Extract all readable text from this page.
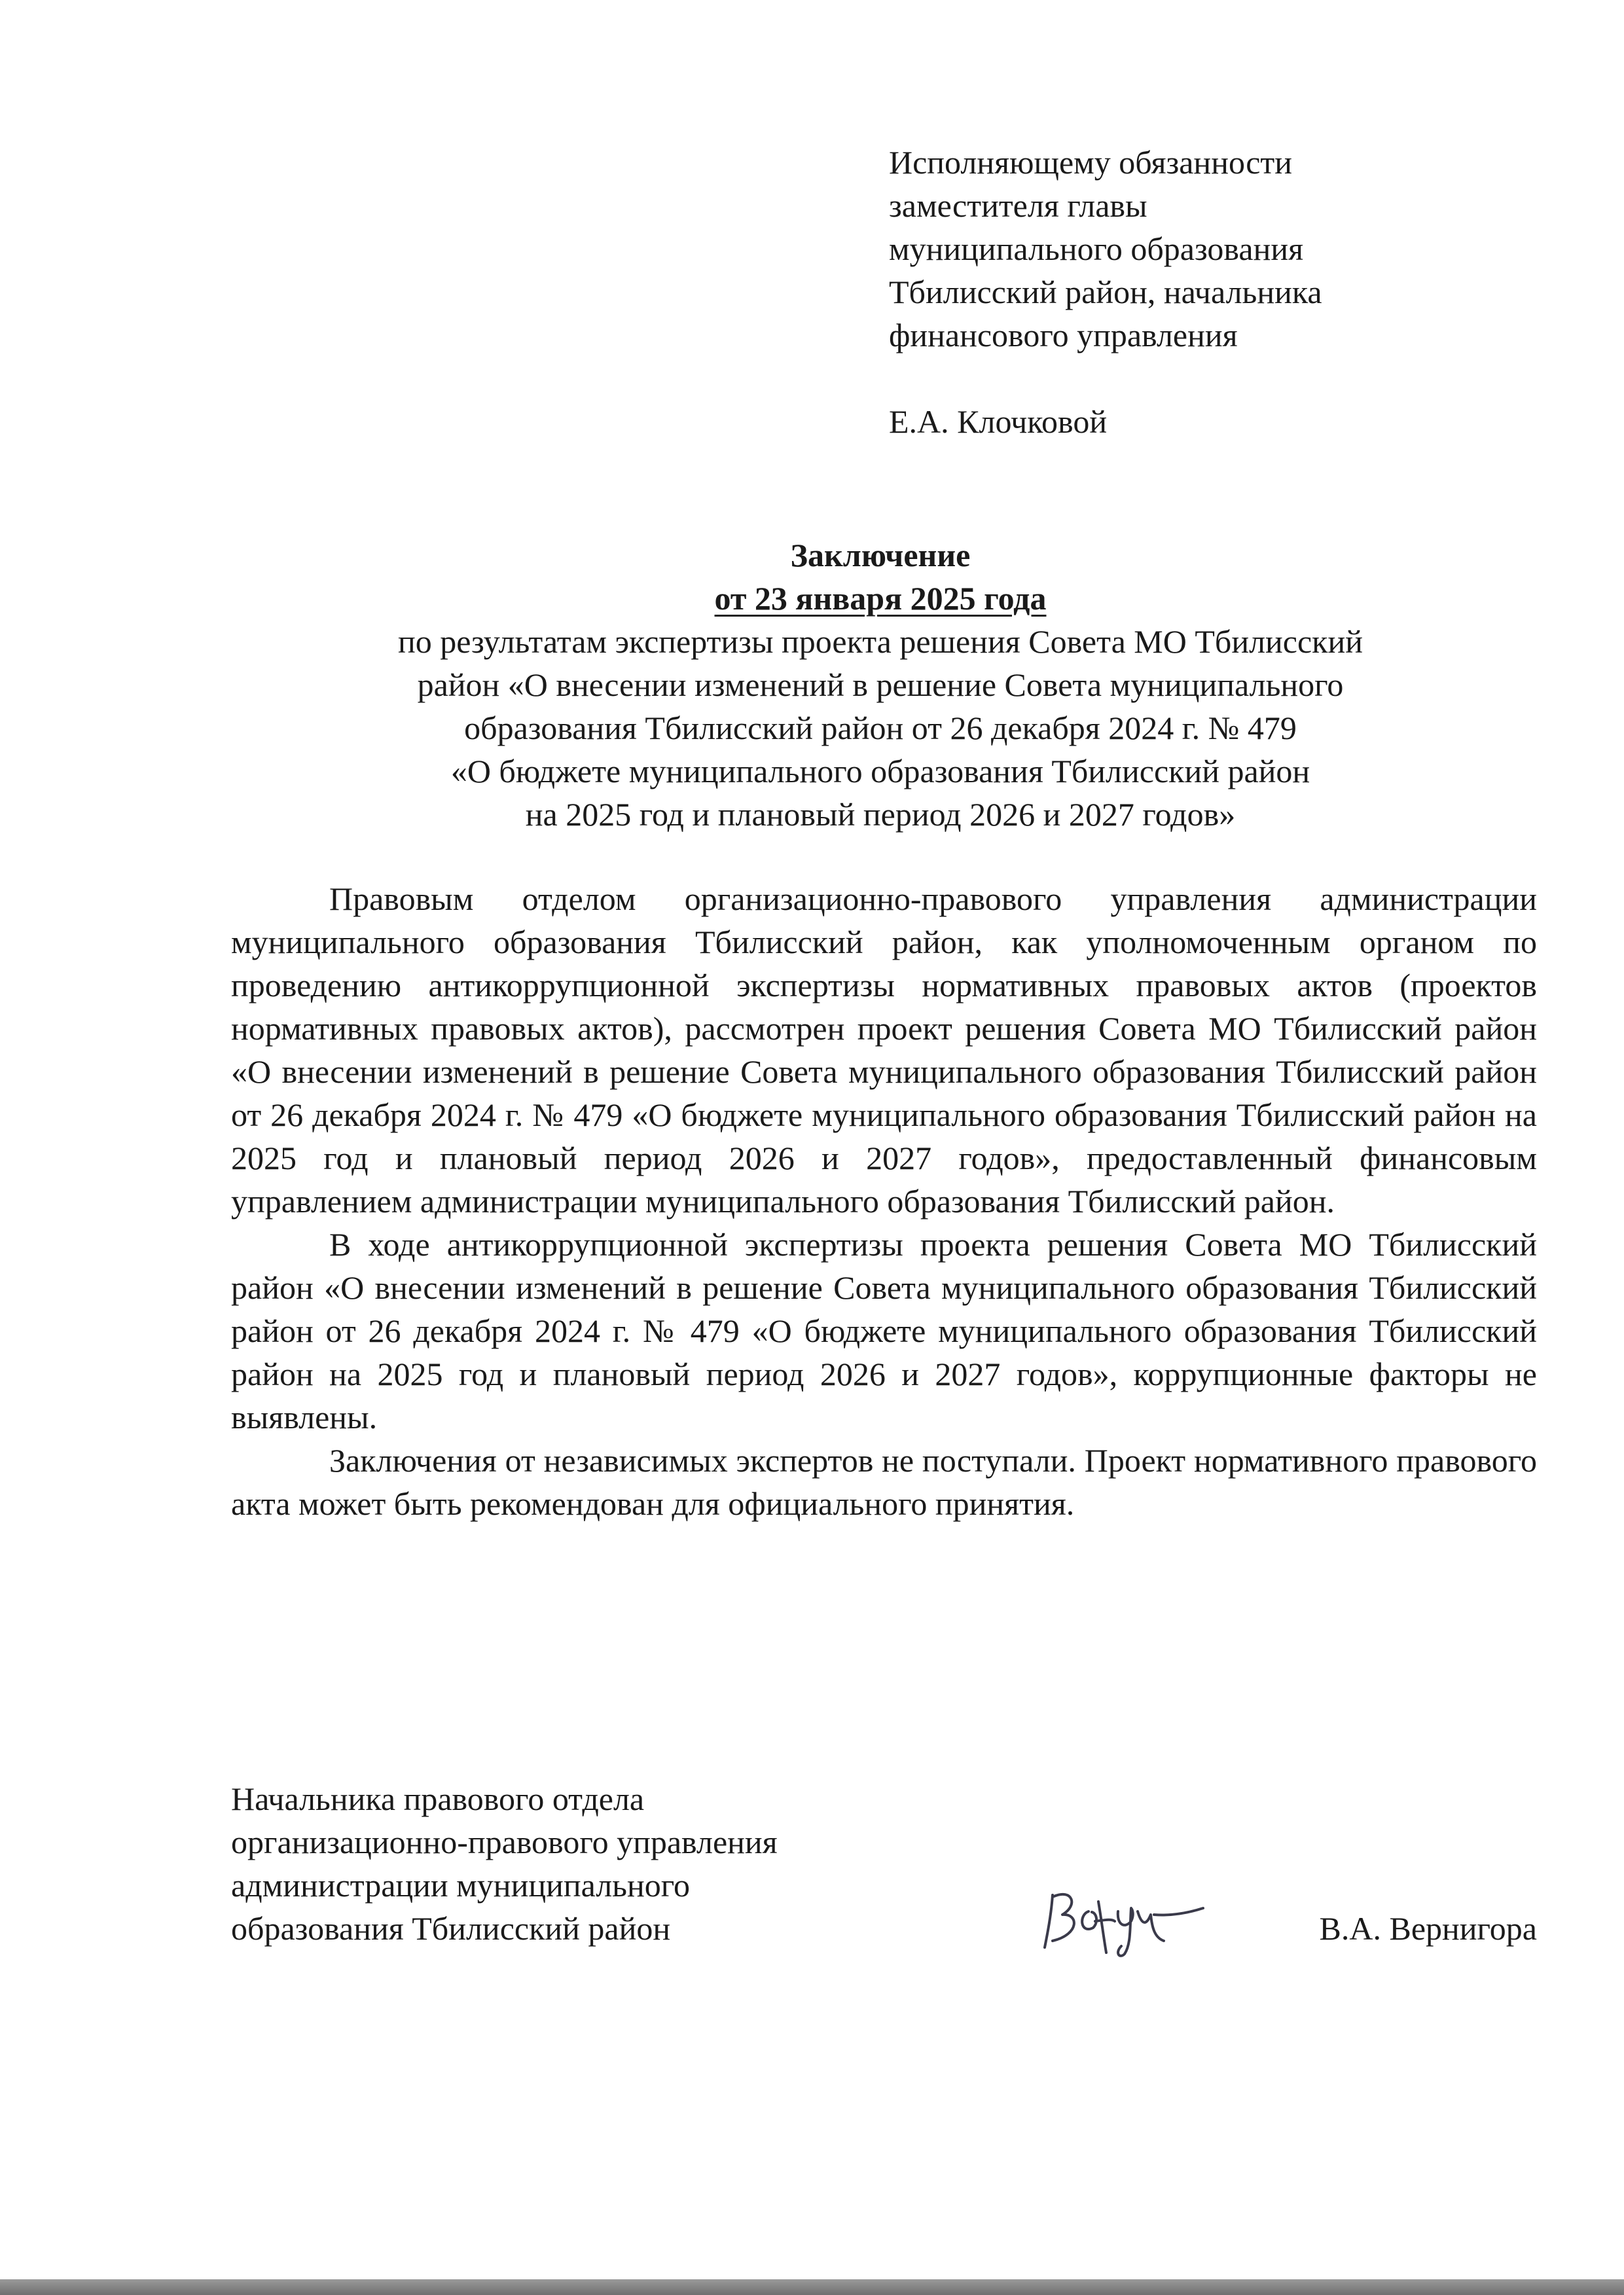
Исполняющему обязанности
заместителя главы
муниципального образования
Тбилисский район, начальника
финансового управления
Е.А. Клочковой
Заключение
от 23 января 2025 года
по результатам экспертизы проекта решения Совета МО Тбилисский
район «О внесении изменений в решение Совета муниципального
образования Тбилисский район от 26 декабря 2024 г. № 479
«О бюджете муниципального образования Тбилисский район
на 2025 год и плановый период 2026 и 2027 годов»

Правовым отделом организационно-правового управления администрации муниципального образования Тбилисский район, как уполномоченным органом по проведению антикоррупционной экспертизы нормативных правовых актов (проектов нормативных правовых актов), рассмотрен проект решения Совета МО Тбилисский район «О внесении изменений в решение Совета муниципального образования Тбилисский район от 26 декабря 2024 г. № 479 «О бюджете муниципального образования Тбилисский район на 2025 год и плановый период 2026 и 2027 годов», предоставленный финансовым управлением администрации муниципального образования Тбилисский район.

В ходе антикоррупционной экспертизы проекта решения Совета МО Тбилисский район «О внесении изменений в решение Совета муниципального образования Тбилисский район от 26 декабря 2024 г. № 479 «О бюджете муниципального образования Тбилисский район на 2025 год и плановый период 2026 и 2027 годов», коррупционные факторы не выявлены.

Заключения от независимых экспертов не поступали. Проект нормативного правового акта может быть рекомендован для официального принятия.

Начальника правового отдела
организационно-правового управления
администрации муниципального
образования Тбилисский район	В.А. Вернигора
